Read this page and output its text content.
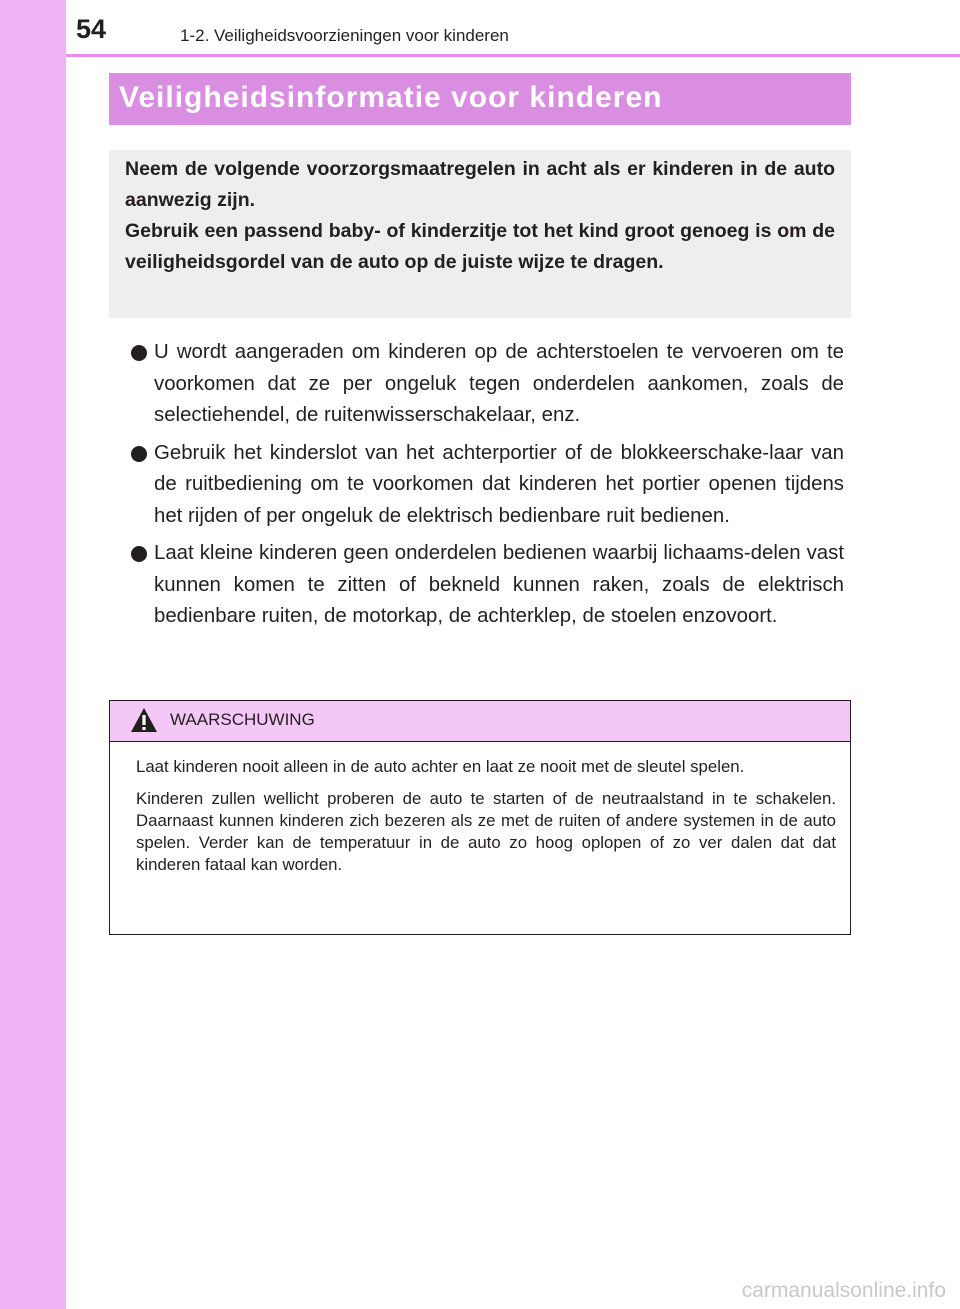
54	1-2. Veiligheidsvoorzieningen voor kinderen
Veiligheidsinformatie voor kinderen

Neem de volgende voorzorgsmaatregelen in acht als er kinderen in de auto aanwezig zijn.

Gebruik een passend baby- of kinderzitje tot het kind groot genoeg is om de veiligheidsgordel van de auto op de juiste wijze te dragen.

U wordt aangeraden om kinderen op de achterstoelen te vervoeren om te voorkomen dat ze per ongeluk tegen onderdelen aankomen, zoals de selectiehendel, de ruitenwisserschakelaar, enz.
Gebruik het kinderslot van het achterportier of de blokkeerschake-laar van de ruitbediening om te voorkomen dat kinderen het portier openen tijdens het rijden of per ongeluk de elektrisch bedienbare ruit bedienen.
Laat kleine kinderen geen onderdelen bedienen waarbij lichaams-delen vast kunnen komen te zitten of bekneld kunnen raken, zoals de elektrisch bedienbare ruiten, de motorkap, de achterklep, de stoelen enzovoort.
WAARSCHUWING

Laat kinderen nooit alleen in de auto achter en laat ze nooit met de sleutel spelen.

Kinderen zullen wellicht proberen de auto te starten of de neutraalstand in te schakelen. Daarnaast kunnen kinderen zich bezeren als ze met de ruiten of andere systemen in de auto spelen. Verder kan de temperatuur in de auto zo hoog oplopen of zo ver dalen dat dat kinderen fataal kan worden.

carmanualsonline.info
